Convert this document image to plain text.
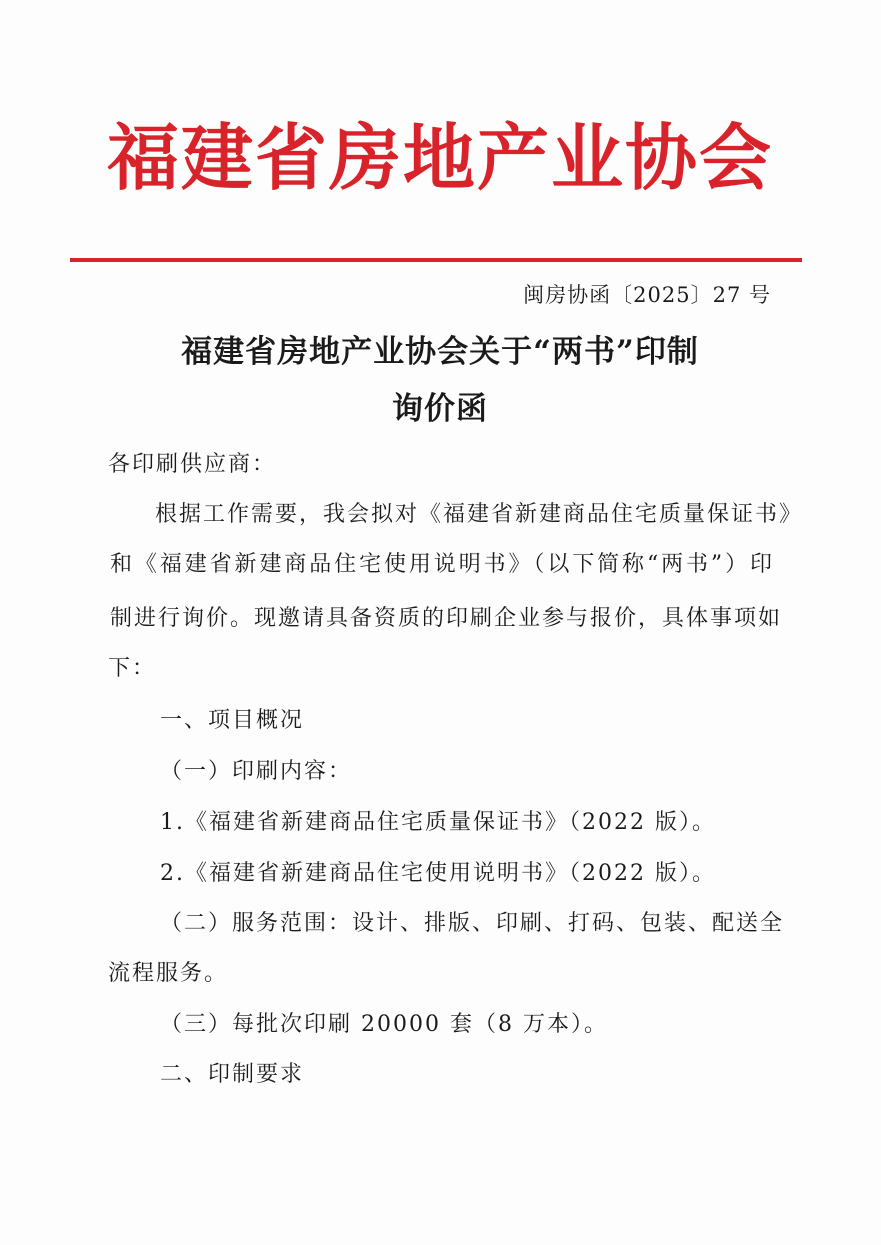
福建省房地产业协会
闽房协函〔2025〕27 号
福建省房地产业协会关于“两书”印制
询价函
各印刷供应商：
根据工作需要，我会拟对《福建省新建商品住宅质量保证书》
和《福建省新建商品住宅使用说明书》（以下简称“两书”）印
制进行询价。现邀请具备资质的印刷企业参与报价，具体事项如
下：
一、项目概况
（一）印刷内容：
1.《福建省新建商品住宅质量保证书》（2022 版）。
2.《福建省新建商品住宅使用说明书》（2022 版）。
（二）服务范围：设计、排版、印刷、打码、包装、配送全
流程服务。
（三）每批次印刷 20000 套（8 万本）。
二、印制要求
